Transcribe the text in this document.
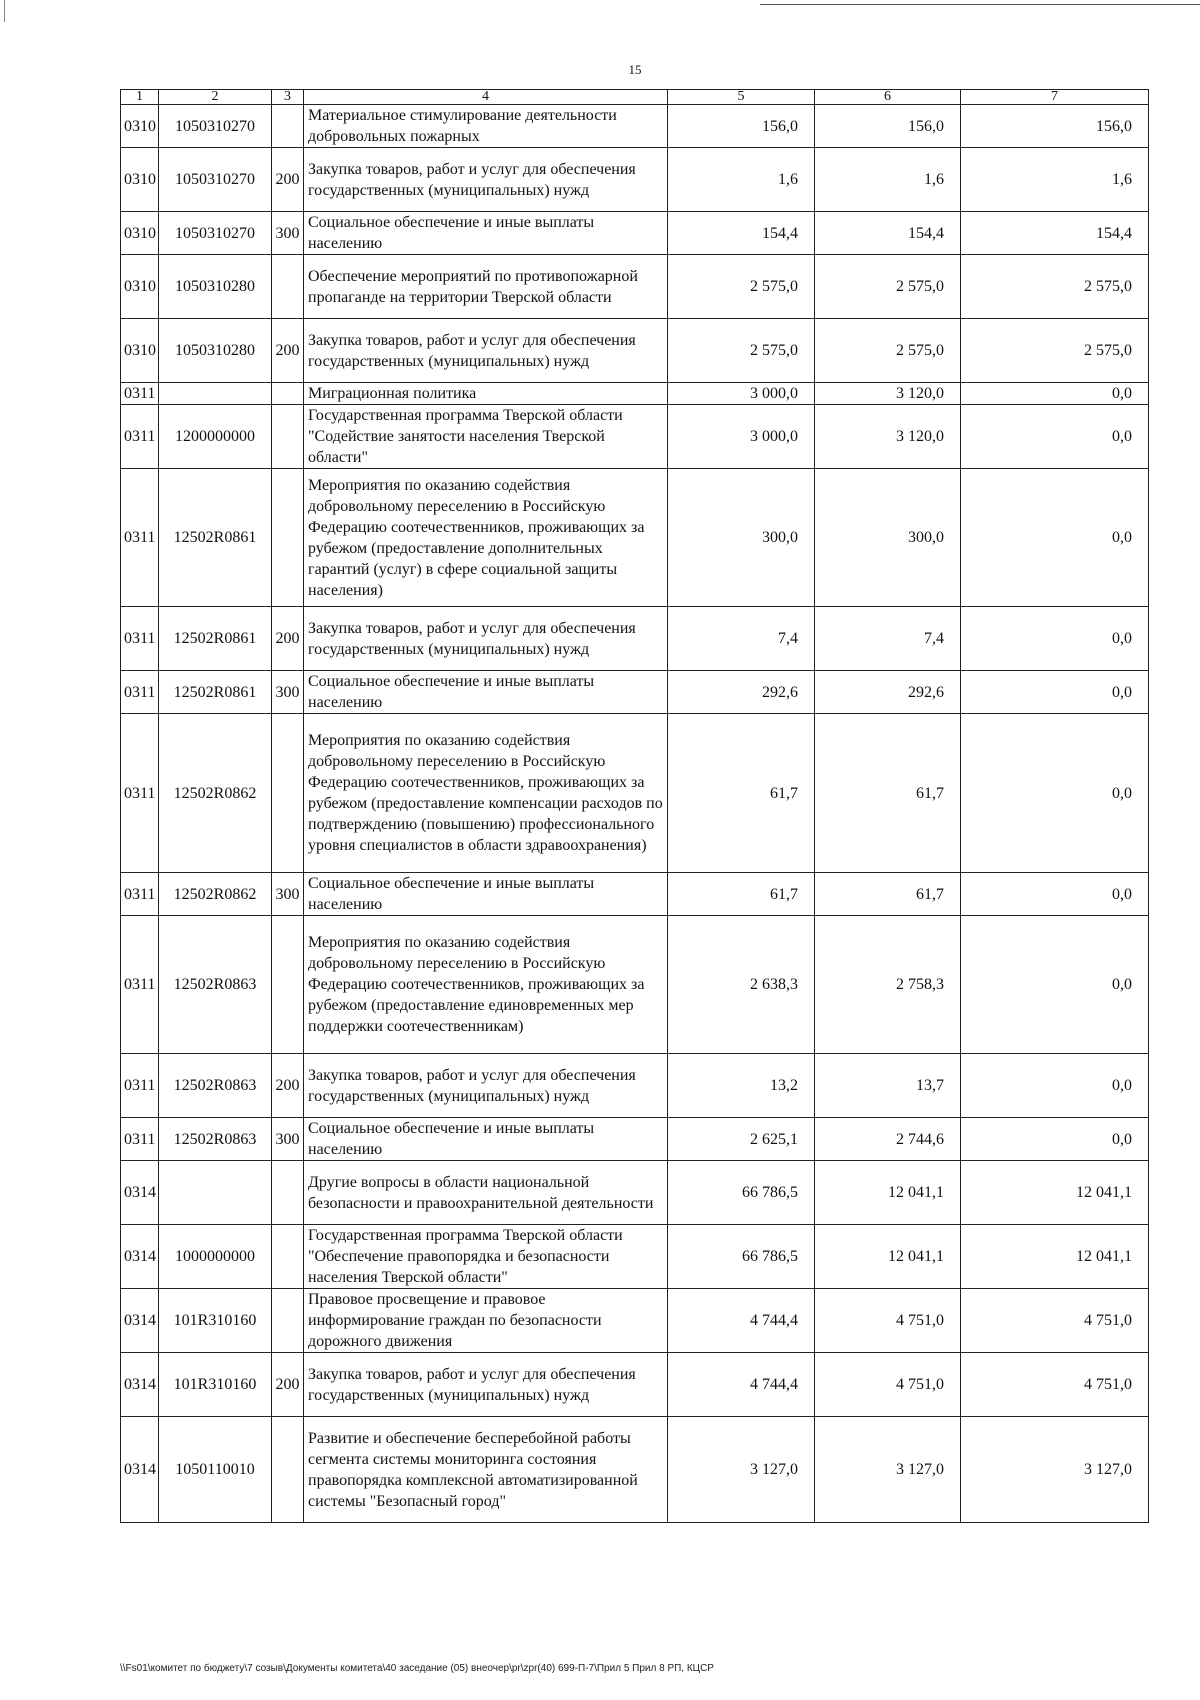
15
1	2	3	4	5	6	7
0310	1050310270		Материальное стимулирование деятельности добровольных пожарных	156,0	156,0	156,0
0310	1050310270	200	Закупка товаров, работ и услуг для обеспечения государственных (муниципальных) нужд	1,6	1,6	1,6
0310	1050310270	300	Социальное обеспечение и иные выплаты населению	154,4	154,4	154,4
0310	1050310280		Обеспечение мероприятий по противопожарной пропаганде на территории Тверской области	2 575,0	2 575,0	2 575,0
0310	1050310280	200	Закупка товаров, работ и услуг для обеспечения государственных (муниципальных) нужд	2 575,0	2 575,0	2 575,0
0311			Миграционная политика	3 000,0	3 120,0	0,0
0311	1200000000		Государственная программа Тверской области "Содействие занятости населения Тверской области"	3 000,0	3 120,0	0,0
0311	12502R0861		Мероприятия по оказанию содействия добровольному переселению в Российскую Федерацию соотечественников, проживающих за рубежом (предоставление дополнительных гарантий (услуг) в сфере социальной защиты населения)	300,0	300,0	0,0
0311	12502R0861	200	Закупка товаров, работ и услуг для обеспечения государственных (муниципальных) нужд	7,4	7,4	0,0
0311	12502R0861	300	Социальное обеспечение и иные выплаты населению	292,6	292,6	0,0
0311	12502R0862		Мероприятия по оказанию содействия добровольному переселению в Российскую Федерацию соотечественников, проживающих за рубежом (предоставление компенсации расходов по подтверждению (повышению) профессионального уровня специалистов в области здравоохранения)	61,7	61,7	0,0
0311	12502R0862	300	Социальное обеспечение и иные выплаты населению	61,7	61,7	0,0
0311	12502R0863		Мероприятия по оказанию содействия добровольному переселению в Российскую Федерацию соотечественников, проживающих за рубежом (предоставление единовременных мер поддержки соотечественникам)	2 638,3	2 758,3	0,0
0311	12502R0863	200	Закупка товаров, работ и услуг для обеспечения государственных (муниципальных) нужд	13,2	13,7	0,0
0311	12502R0863	300	Социальное обеспечение и иные выплаты населению	2 625,1	2 744,6	0,0
0314			Другие вопросы в области национальной безопасности и правоохранительной деятельности	66 786,5	12 041,1	12 041,1
0314	1000000000		Государственная программа Тверской области "Обеспечение правопорядка и безопасности населения Тверской области"	66 786,5	12 041,1	12 041,1
0314	101R310160		Правовое просвещение и правовое информирование граждан по безопасности дорожного движения	4 744,4	4 751,0	4 751,0
0314	101R310160	200	Закупка товаров, работ и услуг для обеспечения государственных (муниципальных) нужд	4 744,4	4 751,0	4 751,0
0314	1050110010		Развитие и обеспечение бесперебойной работы сегмента системы мониторинга состояния правопорядка комплексной автоматизированной системы "Безопасный город"	3 127,0	3 127,0	3 127,0
\\Fs01\комитет по бюджету\7 созыв\Документы комитета\40 заседание (05) внеочер\pr\zpr(40) 699-П-7\Прил 5 Прил 8 РП, КЦСР
